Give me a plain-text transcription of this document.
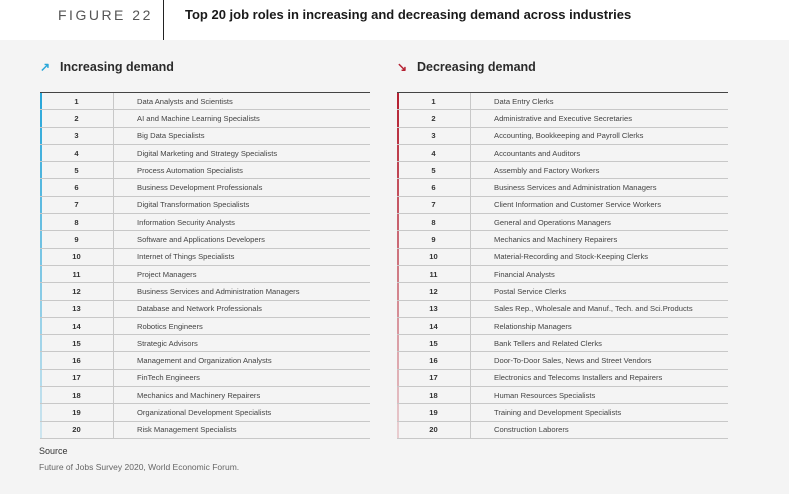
FIGURE 22 Top 20 job roles in increasing and decreasing demand across industries
↗ Increasing demand
1	Data Analysts and Scientists
2	AI and Machine Learning Specialists
3	Big Data Specialists
4	Digital Marketing and Strategy Specialists
5	Process Automation Specialists
6	Business Development Professionals
7	Digital Transformation Specialists
8	Information Security Analysts
9	Software and Applications Developers
10	Internet of Things Specialists
11	Project Managers
12	Business Services and Administration Managers
13	Database and Network Professionals
14	Robotics Engineers
15	Strategic Advisors
16	Management and Organization Analysts
17	FinTech Engineers
18	Mechanics and Machinery Repairers
19	Organizational Development Specialists
20	Risk Management Specialists
↘ Decreasing demand
1	Data Entry Clerks
2	Administrative and Executive Secretaries
3	Accounting, Bookkeeping and Payroll Clerks
4	Accountants and Auditors
5	Assembly and Factory Workers
6	Business Services and Administration Managers
7	Client Information and Customer Service Workers
8	General and Operations Managers
9	Mechanics and Machinery Repairers
10	Material-Recording and Stock-Keeping Clerks
11	Financial Analysts
12	Postal Service Clerks
13	Sales Rep., Wholesale and Manuf., Tech. and Sci.Products
14	Relationship Managers
15	Bank Tellers and Related Clerks
16	Door-To-Door Sales, News and Street Vendors
17	Electronics and Telecoms Installers and Repairers
18	Human Resources Specialists
19	Training and Development Specialists
20	Construction Laborers
Source
Future of Jobs Survey 2020, World Economic Forum.
